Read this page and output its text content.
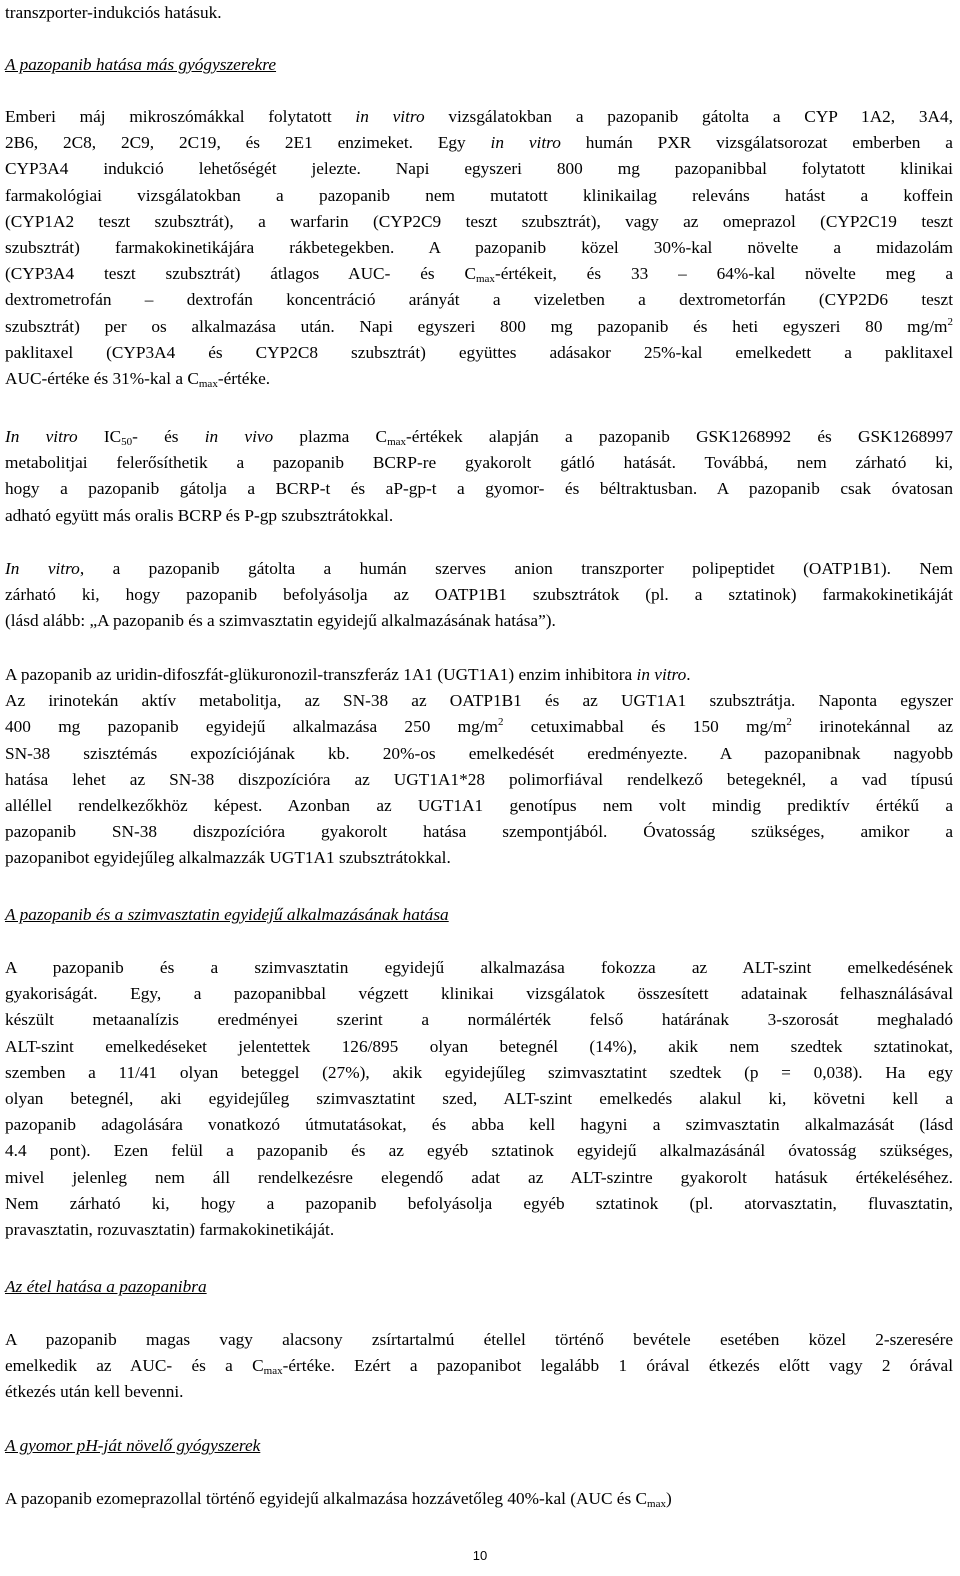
transzporter-indukciós hatásuk.

A pazopanib hatása más gyógyszerekre

Emberi máj mikroszómákkal folytatott in vitro vizsgálatokban a pazopanib gátolta a CYP 1A2, 3A4,
2B6, 2C8, 2C9, 2C19, és 2E1 enzimeket. Egy in vitro humán PXR vizsgálatsorozat emberben a
CYP3A4 indukció lehetőségét jelezte. Napi egyszeri 800 mg pazopanibbal folytatott klinikai
farmakológiai vizsgálatokban a pazopanib nem mutatott klinikailag releváns hatást a koffein
(CYP1A2 teszt szubsztrát), a warfarin (CYP2C9 teszt szubsztrát), vagy az omeprazol (CYP2C19 teszt
szubsztrát) farmakokinetikájára rákbetegekben. A pazopanib közel 30%-kal növelte a midazolám
(CYP3A4 teszt szubsztrát) átlagos AUC- és $C_{max}$-értékeit, és 33 – 64%-kal növelte meg a
dextrometrofán – dextrofán koncentráció arányát a vizeletben a dextrometorfán (CYP2D6 teszt
szubsztrát) per os alkalmazása után. Napi egyszeri 800 mg pazopanib és heti egyszeri 80 $mg/m^2$
paklitaxel (CYP3A4 és CYP2C8 szubsztrát) együttes adásakor 25%-kal emelkedett a paklitaxel
AUC-értéke és 31%-kal a $C_{max}$-értéke.
In vitro $IC_{50}-$ és in vivo plazma $C_{max}$-értékek alapján a pazopanib GSK1268992 és GSK1268997
metabolitjai felerősíthetik a pazopanib BCRP-re gyakorolt gátló hatását. Továbbá, nem zárható ki,
hogy a pazopanib gátolja a BCRP-t és aP-gp-t a gyomor- és béltraktusban. A pazopanib csak óvatosan
adható együtt más oralis BCRP és P-gp szubsztrátokkal.
In vitro, a pazopanib gátolta a humán szerves anion transzporter polipeptidet (OATP1B1). Nem
zárható ki, hogy pazopanib befolyásolja az OATP1B1 szubsztrátok (pl. a sztatinok) farmakokinetikáját
(lásd alább: „A pazopanib és a szimvasztatin egyidejű alkalmazásának hatása”).
A pazopanib az uridin-difoszfát-glükuronozil-transzferáz 1A1 (UGT1A1) enzim inhibitora in vitro.
Az irinotekán aktív metabolitja, az SN-38 az OATP1B1 és az UGT1A1 szubsztrátja. Naponta egyszer
400 mg pazopanib egyidejű alkalmazása 250 $mg/m^2$ cetuximabbal és 150 $mg/m^2$ irinotekánnal az
SN-38 szisztémás expozíciójának kb. 20%-os emelkedését eredményezte. A pazopanibnak nagyobb
hatása lehet az SN-38 diszpozícióra az UGT1A1*28 polimorfiával rendelkező betegeknél, a vad típusú
alléllel rendelkezőkhöz képest. Azonban az UGT1A1 genotípus nem volt mindig prediktív értékű a
pazopanib SN-38 diszpozícióra gyakorolt hatása szempontjából. Óvatosság szükséges, amikor a
pazopanibot egyidejűleg alkalmazzák UGT1A1 szubsztrátokkal.

A pazopanib és a szimvasztatin egyidejű alkalmazásának hatása

A pazopanib és a szimvasztatin egyidejű alkalmazása fokozza az ALT-szint emelkedésének
gyakoriságát. Egy, a pazopanibbal végzett klinikai vizsgálatok összesített adatainak felhasználásával
készült metaanalízis eredményei szerint a normálérték felső határának 3-szorosát meghaladó
ALT-szint emelkedéseket jelentettek 126/895 olyan betegnél (14%), akik nem szedtek sztatinokat,
szemben a 11/41 olyan beteggel (27%), akik egyidejűleg szimvasztatint szedtek (p = 0,038). Ha egy
olyan betegnél, aki egyidejűleg szimvasztatint szed, ALT-szint emelkedés alakul ki, követni kell a
pazopanib adagolására vonatkozó útmutatásokat, és abba kell hagyni a szimvasztatin alkalmazását (lásd
4.4 pont). Ezen felül a pazopanib és az egyéb sztatinok egyidejű alkalmazásánál óvatosság szükséges,
mivel jelenleg nem áll rendelkezésre elegendő adat az ALT-szintre gyakorolt hatásuk értékeléséhez.
Nem zárható ki, hogy a pazopanib befolyásolja egyéb sztatinok (pl. atorvasztatin, fluvasztatin,
pravasztatin, rozuvasztatin) farmakokinetikáját.

Az étel hatása a pazopanibra

A pazopanib magas vagy alacsony zsírtartalmú étellel történő bevétele esetében közel 2-szeresére
emelkedik az AUC- és a $C_{max}$-értéke. Ezért a pazopanibot legalább 1 órával étkezés előtt vagy 2 órával
étkezés után kell bevenni.

A gyomor pH-ját növelő gyógyszerek

A pazopanib ezomeprazollal történő egyidejű alkalmazása hozzávetőleg 40%-kal (AUC és $C_{max}$)
10
